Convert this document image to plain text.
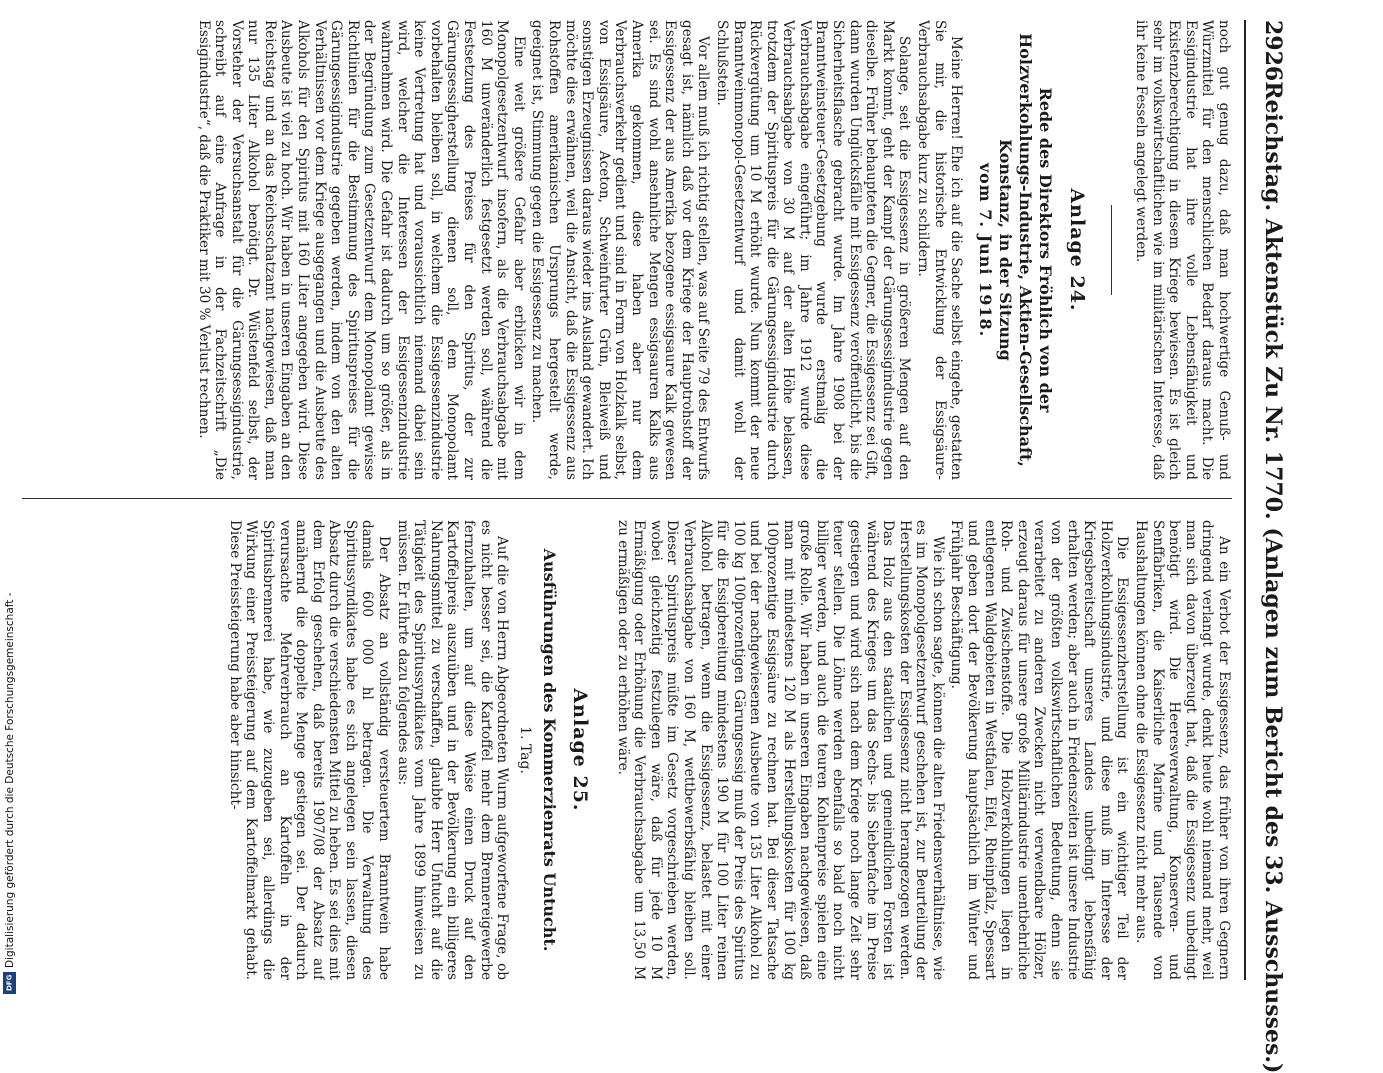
2926
Reichstag. Aktenstück Zu Nr. 1770. (Anlagen zum Bericht des 33. Ausschusses.)

noch gut genug dazu, daß man hochwertige Genuß- und Würzmittel für den menschlichen Bedarf daraus macht. Die Essigindustrie hat ihre volle Lebensfähigkeit und Existenzberechtigung in diesem Kriege bewiesen. Es ist gleich sehr im volkswirtschaftlichen wie im militärischen Interesse, daß ihr keine Fesseln angelegt werden.

Anlage 24.
Rede des Direktors Fröhlich von der Holzverkohlungs-Industrie, Aktien-Gesellschaft, Konstanz, in der Sitzung
vom 7. Juni 1918.

Meine Herren! Ehe ich auf die Sache selbst eingehe, gestatten Sie mir, die historische Entwicklung der Essigsäure-Verbrauchsabgabe kurz zu schildern.

Solange, seit die Essigessenz in größeren Mengen auf den Markt kommt, geht der Kampf der Gärungsessigindustrie gegen dieselbe. Früher behaupteten die Gegner, die Essigessenz sei Gift, dann wurden Unglücksfälle mit Essigessenz veröffentlicht, bis die Sicherheitsflasche gebracht wurde. Im Jahre 1908 bei der Branntweinsteuer-Gesetzgebung wurde erstmalig die Verbrauchsabgabe eingeführt; im Jahre 1912 wurde diese Verbrauchsabgabe von 30 M auf der alten Höhe belassen, trotzdem der Spirituspreis für die Gärungsessigindustrie durch Rückvergütung um 10 M erhöht wurde. Nun kommt der neue Branntweinmonopol-Gesetzentwurf und damit wohl der Schlußstein.

Vor allem muß ich richtig stellen, was auf Seite 79 des Entwurfs gesagt ist, nämlich daß vor dem Kriege der Hauptrohstoff der Essigessenz der aus Amerika bezogene essigsaure Kalk gewesen sei. Es sind wohl ansehnliche Mengen essigsauren Kalks aus Amerika gekommen, diese haben aber nur dem Verbrauchsverkehr gedient und sind in Form von Holzkalk selbst, von Essigsäure, Aceton, Schweinfurter Grün, Bleiweiß und sonstigen Erzeugnissen daraus wieder ins Ausland gewandert. Ich möchte dies erwähnen, weil die Ansicht, daß die Essigessenz aus Rohstoffen amerikanischen Ursprungs hergestellt werde, geeignet ist, Stimmung gegen die Essigessenz zu machen.

Eine weit größere Gefahr aber erblicken wir in dem Monopolgesetzentwurf insofern, als die Verbrauchsabgabe mit 160 M unveränderlich festgesetzt werden soll, während die Festsetzung des Preises für den Spiritus, der zur Gärungsessigherstellung dienen soll, dem Monopolamt vorbehalten bleiben soll, in welchem die Essigessenzindustrie keine Vertretung hat und voraussichtlich niemand dabei sein wird, welcher die Interessen der Essigessenzindustrie wahrnehmen wird. Die Gefahr ist dadurch um so größer, als in der Begründung zum Gesetzentwurf dem Monopolamt gewisse Richtlinien für die Bestimmung des Spirituspreises für die Gärungsessigindustrie gegeben werden, indem von den alten Verhältnissen vor dem Kriege ausgegangen und die Ausbeute des Alkohols für den Spiritus mit 160 Liter angegeben wird. Diese Ausbeute ist viel zu hoch. Wir haben in unseren Eingaben an den Reichstag und an das Reichsschatzamt nachgewiesen, daß man nur 135 Liter Alkohol benötigt. Dr. Wüstenfeld selbst, der Vorsteher der Versuchsanstalt für die Gärungsessigindustrie, schreibt auf eine Anfrage in der Fachzeitschrift „Die Essigindustrie“, daß die Praktiker mit 30 % Verlust rechnen.

An ein Verbot der Essigessenz, das früher von ihren Gegnern dringend verlangt wurde, denkt heute wohl niemand mehr, weil man sich davon überzeugt hat, daß die Essigessenz unbedingt benötigt wird. Die Heeresverwaltung, Konserven- und Senffabriken, die Kaiserliche Marine und Tausende von Haushaltungen können ohne die Essigessenz nicht mehr aus.

Die Essigessenzherstellung ist ein wichtiger Teil der Holzverkohlungsindustrie, und diese muß im Interesse der Kriegsbereitschaft unseres Landes unbedingt lebensfähig erhalten werden; aber auch in Friedenszeiten ist unsere Industrie von der größten volkswirtschaftlichen Bedeutung, denn sie verarbeitet zu anderen Zwecken nicht verwendbare Hölzer, erzeugt daraus für unsere große Militärindustrie unentbehrliche Roh- und Zwischenstoffe. Die Holzverkohlungen liegen in entlegenen Waldgebieten in Westfalen, Eifel, Rheinpfalz, Spessart und geben dort der Bevölkerung hauptsächlich im Winter und Frühjahr Beschäftigung.

Wie ich schon sagte, können die alten Friedensverhältnisse, wie es im Monopolgesetzentwurf geschehen ist, zur Beurteilung der Herstellungskosten der Essigessenz nicht herangezogen werden. Das Holz aus den staatlichen und gemeindlichen Forsten ist während des Krieges um das Sechs- bis Siebenfache im Preise gestiegen und wird sich nach dem Kriege noch lange Zeit sehr teuer stellen. Die Löhne werden ebenfalls so bald noch nicht billiger werden, und auch die teuren Kohlenpreise spielen eine große Rolle. Wir haben in unseren Eingaben nachgewiesen, daß man mit mindestens 120 M als Herstellungskosten für 100 kg 100prozentige Essigsäure zu rechnen hat. Bei dieser Tatsache und bei der nachgewiesenen Ausbeute von 135 Liter Alkohol zu 100 kg 100prozentigen Gärungsessig muß der Preis des Spiritus für die Essigbereitung mindestens 190 M für 100 Liter reinen Alkohol betragen, wenn die Essigessenz, belastet mit einer Verbrauchsabgabe von 160 M, wettbewerbsfähig bleiben soll. Dieser Spirituspreis müßte im Gesetz vorgeschrieben werden, wobei gleichzeitig festzulegen wäre, daß für jede 10 M Ermäßigung oder Erhöhung die Verbrauchsabgabe um 13,50 M zu ermäßigen oder zu erhöhen wäre.

Anlage 25.
Ausführungen des Kommerzienrats Untucht.
1. Tag.

Auf die von Herrn Abgeordneten Wurm aufgeworfene Frage, ob es nicht besser sei, die Kartoffel mehr dem Brennereigewerbe fernzuhalten, um auf diese Weise einen Druck auf den Kartoffelpreis auszuüben und in der Bevölkerung ein billigeres Nahrungsmittel zu verschaffen, glaubte Herr Untucht auf die Tätigkeit des Spiritussyndikates vom Jahre 1899 hinweisen zu müssen. Er führte dazu folgendes aus:

Der Absatz an vollständig versteuertem Branntwein habe damals 600 000 hl betragen. Die Verwaltung des Spiritussyndikates habe es sich angelegen sein lassen, diesen Absatz durch die verschiedensten Mittel zu heben. Es sei dies mit dem Erfolg geschehen, daß bereits 1907/08 der Absatz auf annähernd die doppelte Menge gestiegen sei. Der dadurch verursachte Mehrverbrauch an Kartoffeln in der Spiritusbrennerei habe, wie zuzugeben sei, allerdings die Wirkung einer Preissteigerung auf dem Kartoffelmarkt gehabt. Diese Preissteigerung habe aber hinsicht-

Digitalisierung gefördert durch die Deutsche Forschungsgemeinschaft -
DFG
